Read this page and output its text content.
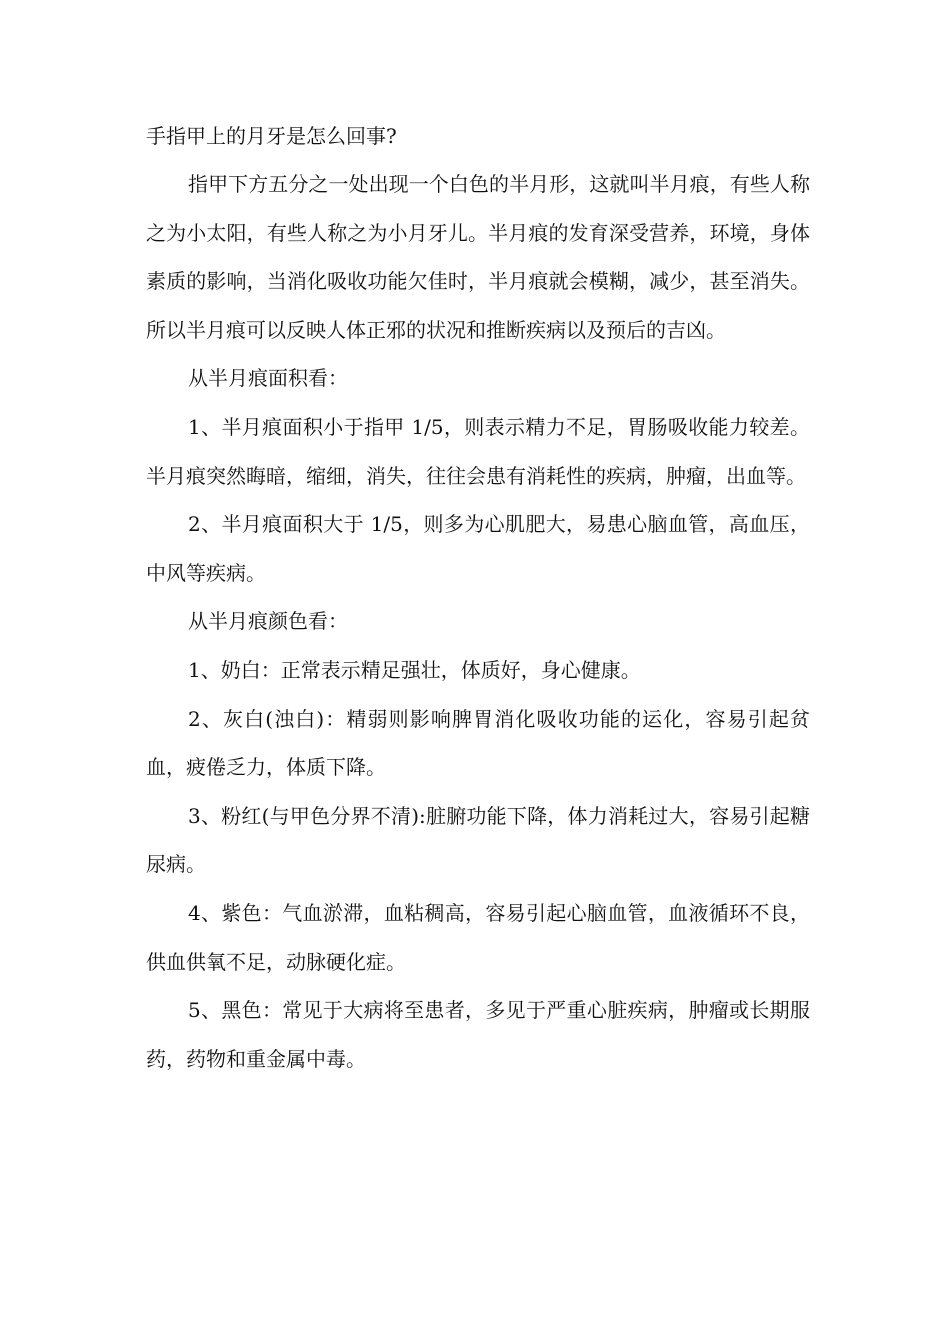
手指甲上的月牙是怎么回事?

指甲下方五分之一处出现一个白色的半月形，这就叫半月痕，有些人称之为小太阳，有些人称之为小月牙儿。半月痕的发育深受营养，环境，身体素质的影响，当消化吸收功能欠佳时，半月痕就会模糊，减少，甚至消失。所以半月痕可以反映人体正邪的状况和推断疾病以及预后的吉凶。

从半月痕面积看：

1、半月痕面积小于指甲 1/5，则表示精力不足，胃肠吸收能力较差。半月痕突然晦暗，缩细，消失，往往会患有消耗性的疾病，肿瘤，出血等。

2、半月痕面积大于 1/5，则多为心肌肥大，易患心脑血管，高血压，中风等疾病。

从半月痕颜色看：

1、奶白：正常表示精足强壮，体质好，身心健康。

2、灰白(浊白)：精弱则影响脾胃消化吸收功能的运化，容易引起贫血，疲倦乏力，体质下降。

3、粉红(与甲色分界不清):脏腑功能下降，体力消耗过大，容易引起糖尿病。

4、紫色：气血淤滞，血粘稠高，容易引起心脑血管，血液循环不良，供血供氧不足，动脉硬化症。

5、黑色：常见于大病将至患者，多见于严重心脏疾病，肿瘤或长期服药，药物和重金属中毒。
